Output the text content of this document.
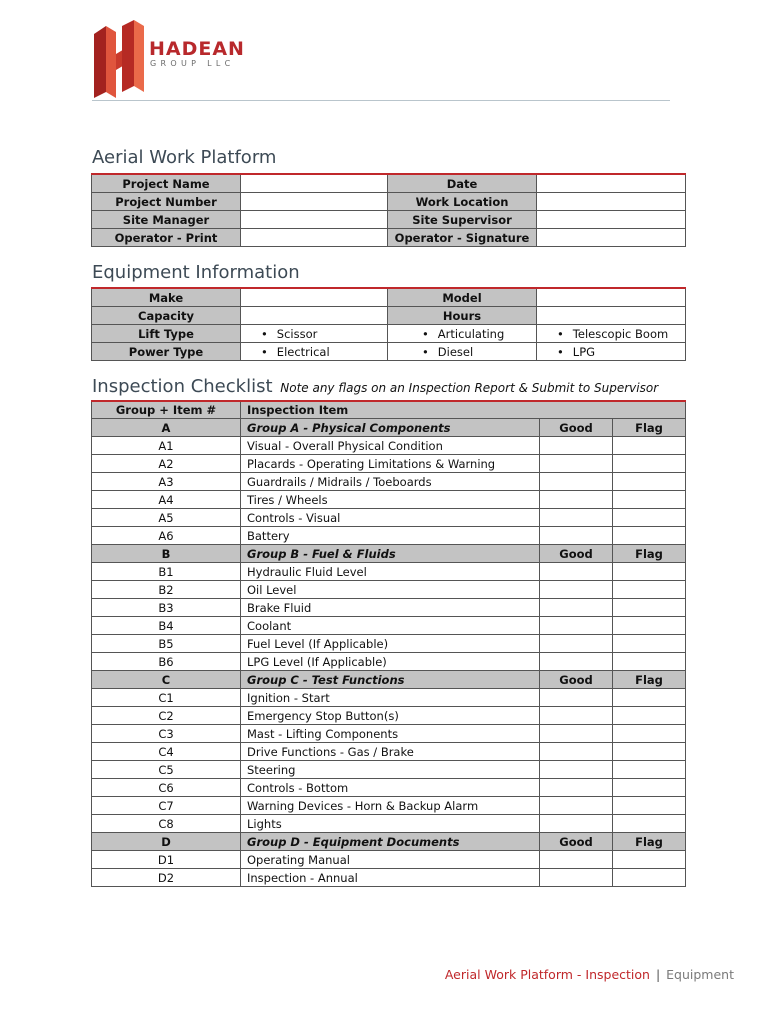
HADEAN
GROUP LLC
Aerial Work Platform
Project Name		Date	
Project Number		Work Location	
Site Manager		Site Supervisor	
Operator - Print		Operator - Signature	
Equipment Information
Make		Model	
Capacity		Hours	
Lift Type	• Scissor	• Articulating	• Telescopic Boom
Power Type	• Electrical	• Diesel	• LPG
Inspection Checklist Note any flags on an Inspection Report & Submit to Supervisor
Group + Item #	Inspection Item		
A	Group A - Physical Components	Good	Flag
A1	Visual - Overall Physical Condition		
A2	Placards - Operating Limitations & Warning		
A3	Guardrails / Midrails / Toeboards		
A4	Tires / Wheels		
A5	Controls - Visual		
A6	Battery		
B	Group B - Fuel & Fluids	Good	Flag
B1	Hydraulic Fluid Level		
B2	Oil Level		
B3	Brake Fluid		
B4	Coolant		
B5	Fuel Level (If Applicable)		
B6	LPG Level (If Applicable)		
C	Group C - Test Functions	Good	Flag
C1	Ignition - Start		
C2	Emergency Stop Button(s)		
C3	Mast - Lifting Components		
C4	Drive Functions - Gas / Brake		
C5	Steering		
C6	Controls - Bottom		
C7	Warning Devices - Horn & Backup Alarm		
C8	Lights		
D	Group D - Equipment Documents	Good	Flag
D1	Operating Manual		
D2	Inspection - Annual		
Aerial Work Platform - Inspection | Equipment
